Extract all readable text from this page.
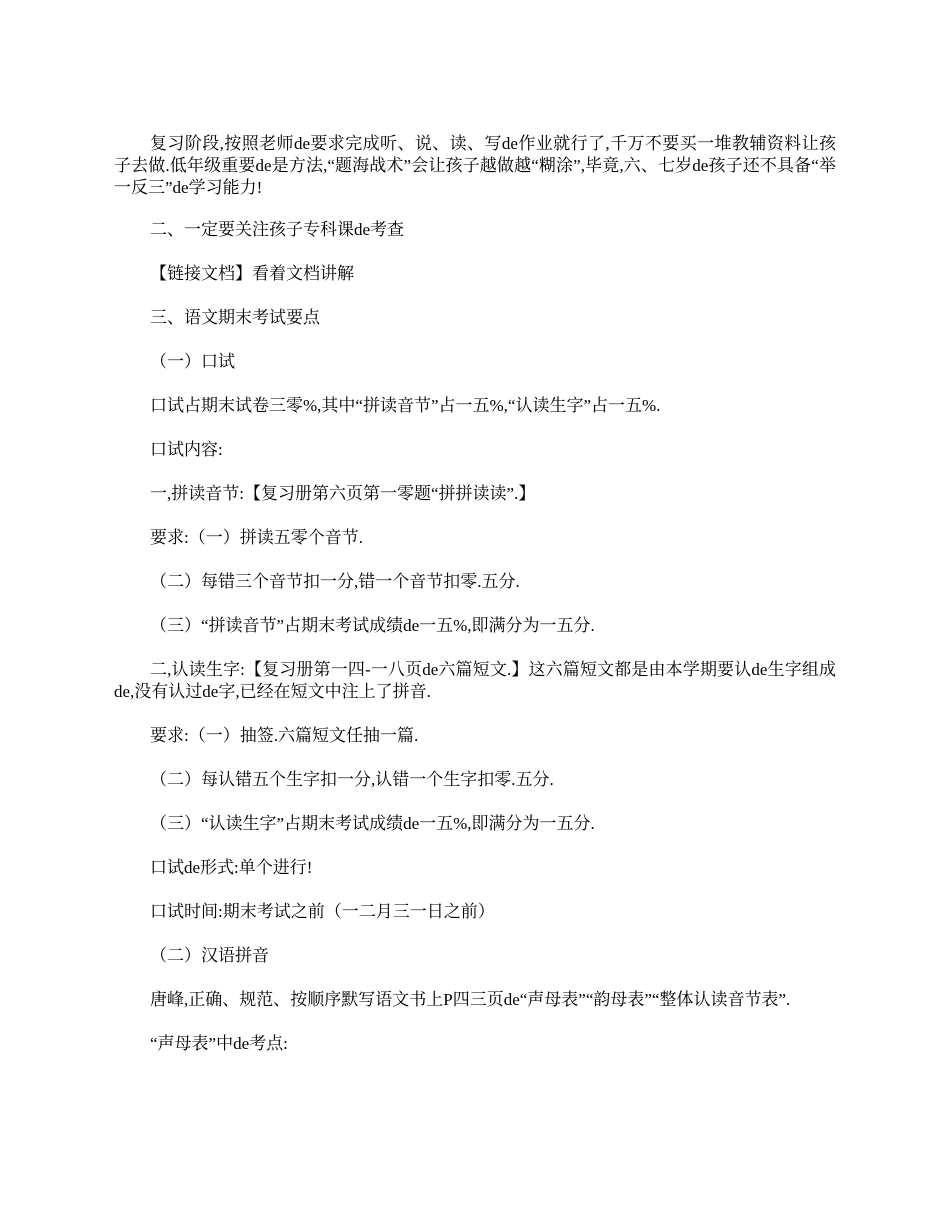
复习阶段,按照老师de要求完成听、说、读、写de作业就行了,千万不要买一堆教辅资料让孩子去做.低年级重要de是方法,“题海战术”会让孩子越做越“糊涂”,毕竟,六、七岁de孩子还不具备“举一反三”de学习能力!

二、一定要关注孩子专科课de考查

【链接文档】看着文档讲解

三、语文期末考试要点

（一）口试

口试占期末试卷三零%,其中“拼读音节”占一五%,“认读生字”占一五%.

口试内容:

一,拼读音节:【复习册第六页第一零题“拼拼读读”.】

要求:（一）拼读五零个音节.

（二）每错三个音节扣一分,错一个音节扣零.五分.

（三）“拼读音节”占期末考试成绩de一五%,即满分为一五分.

二,认读生字:【复习册第一四-一八页de六篇短文.】这六篇短文都是由本学期要认de生字组成de,没有认过de字,已经在短文中注上了拼音.

要求:（一）抽签.六篇短文任抽一篇.

（二）每认错五个生字扣一分,认错一个生字扣零.五分.

（三）“认读生字”占期末考试成绩de一五%,即满分为一五分.

口试de形式:单个进行!

口试时间:期末考试之前（一二月三一日之前）

（二）汉语拼音

唐峰,正确、规范、按顺序默写语文书上P四三页de“声母表”“韵母表”“整体认读音节表”.

“声母表”中de考点:
